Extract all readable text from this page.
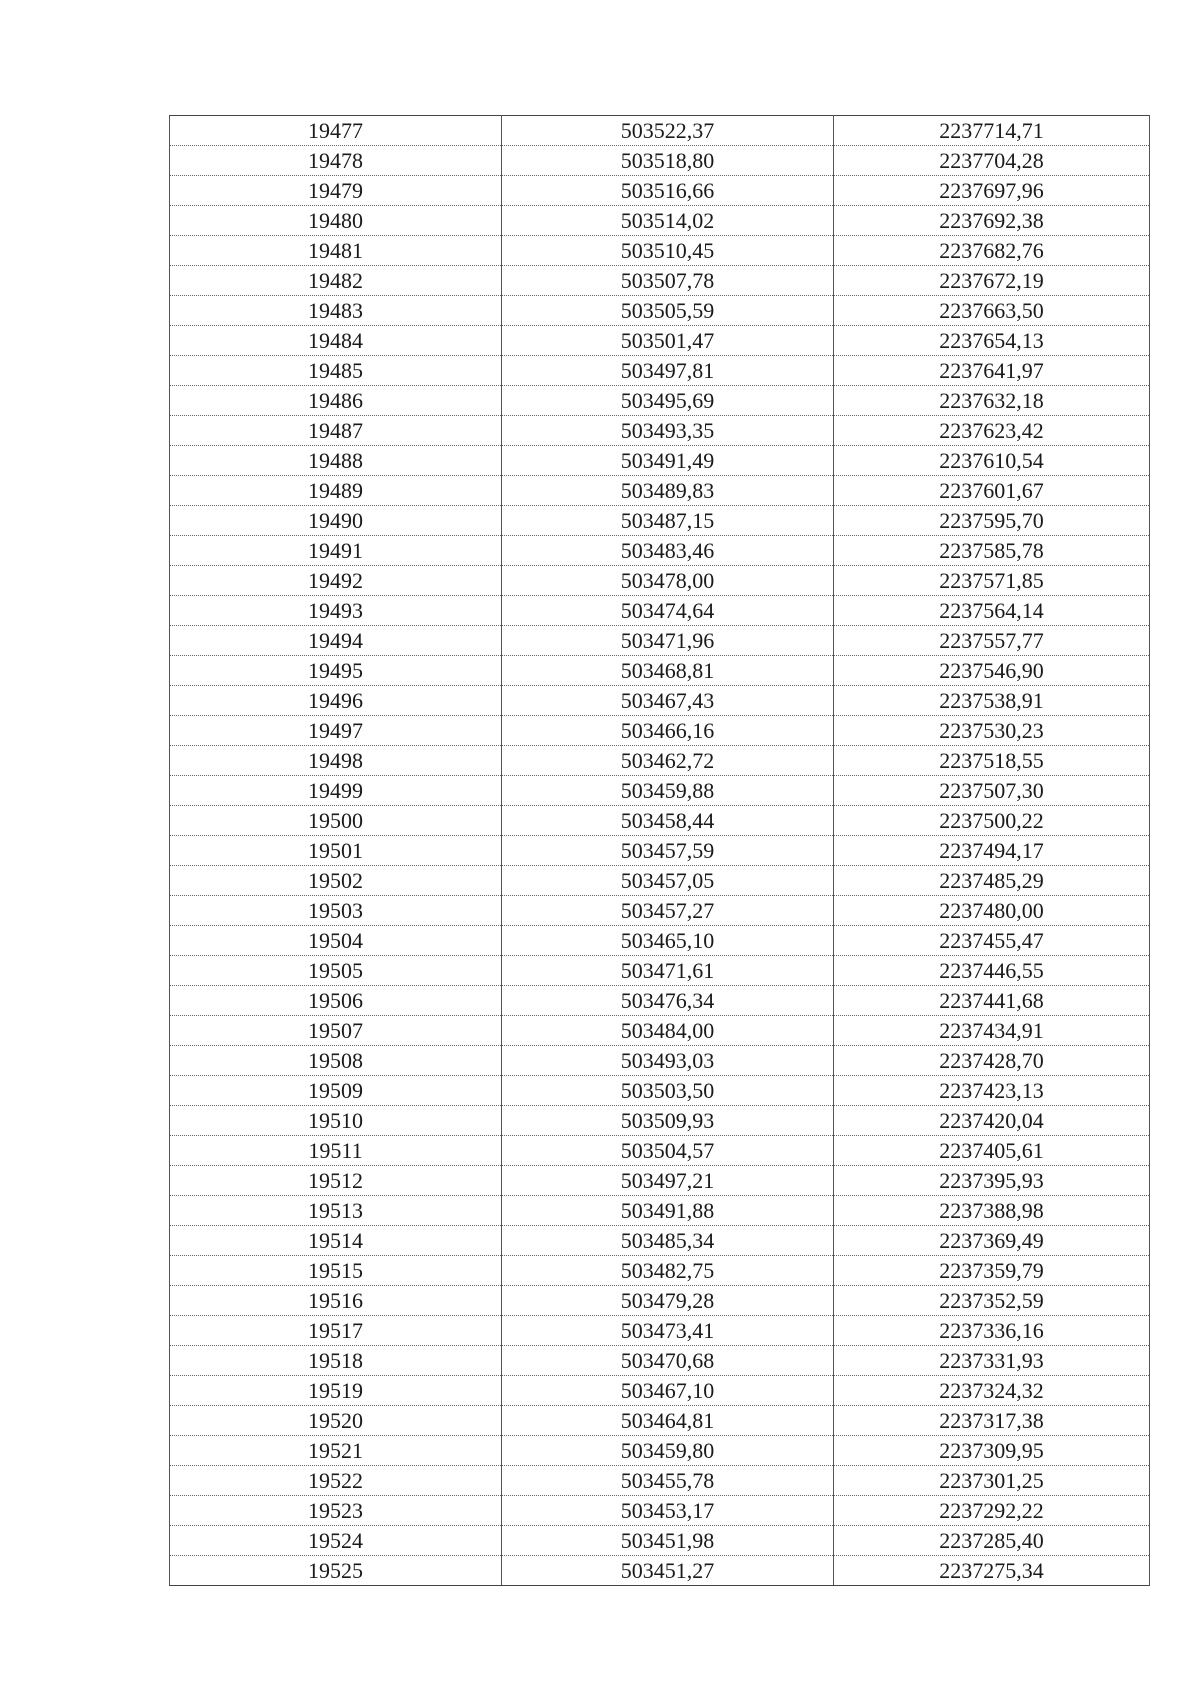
19477	503522,37	2237714,71
19478	503518,80	2237704,28
19479	503516,66	2237697,96
19480	503514,02	2237692,38
19481	503510,45	2237682,76
19482	503507,78	2237672,19
19483	503505,59	2237663,50
19484	503501,47	2237654,13
19485	503497,81	2237641,97
19486	503495,69	2237632,18
19487	503493,35	2237623,42
19488	503491,49	2237610,54
19489	503489,83	2237601,67
19490	503487,15	2237595,70
19491	503483,46	2237585,78
19492	503478,00	2237571,85
19493	503474,64	2237564,14
19494	503471,96	2237557,77
19495	503468,81	2237546,90
19496	503467,43	2237538,91
19497	503466,16	2237530,23
19498	503462,72	2237518,55
19499	503459,88	2237507,30
19500	503458,44	2237500,22
19501	503457,59	2237494,17
19502	503457,05	2237485,29
19503	503457,27	2237480,00
19504	503465,10	2237455,47
19505	503471,61	2237446,55
19506	503476,34	2237441,68
19507	503484,00	2237434,91
19508	503493,03	2237428,70
19509	503503,50	2237423,13
19510	503509,93	2237420,04
19511	503504,57	2237405,61
19512	503497,21	2237395,93
19513	503491,88	2237388,98
19514	503485,34	2237369,49
19515	503482,75	2237359,79
19516	503479,28	2237352,59
19517	503473,41	2237336,16
19518	503470,68	2237331,93
19519	503467,10	2237324,32
19520	503464,81	2237317,38
19521	503459,80	2237309,95
19522	503455,78	2237301,25
19523	503453,17	2237292,22
19524	503451,98	2237285,40
19525	503451,27	2237275,34
